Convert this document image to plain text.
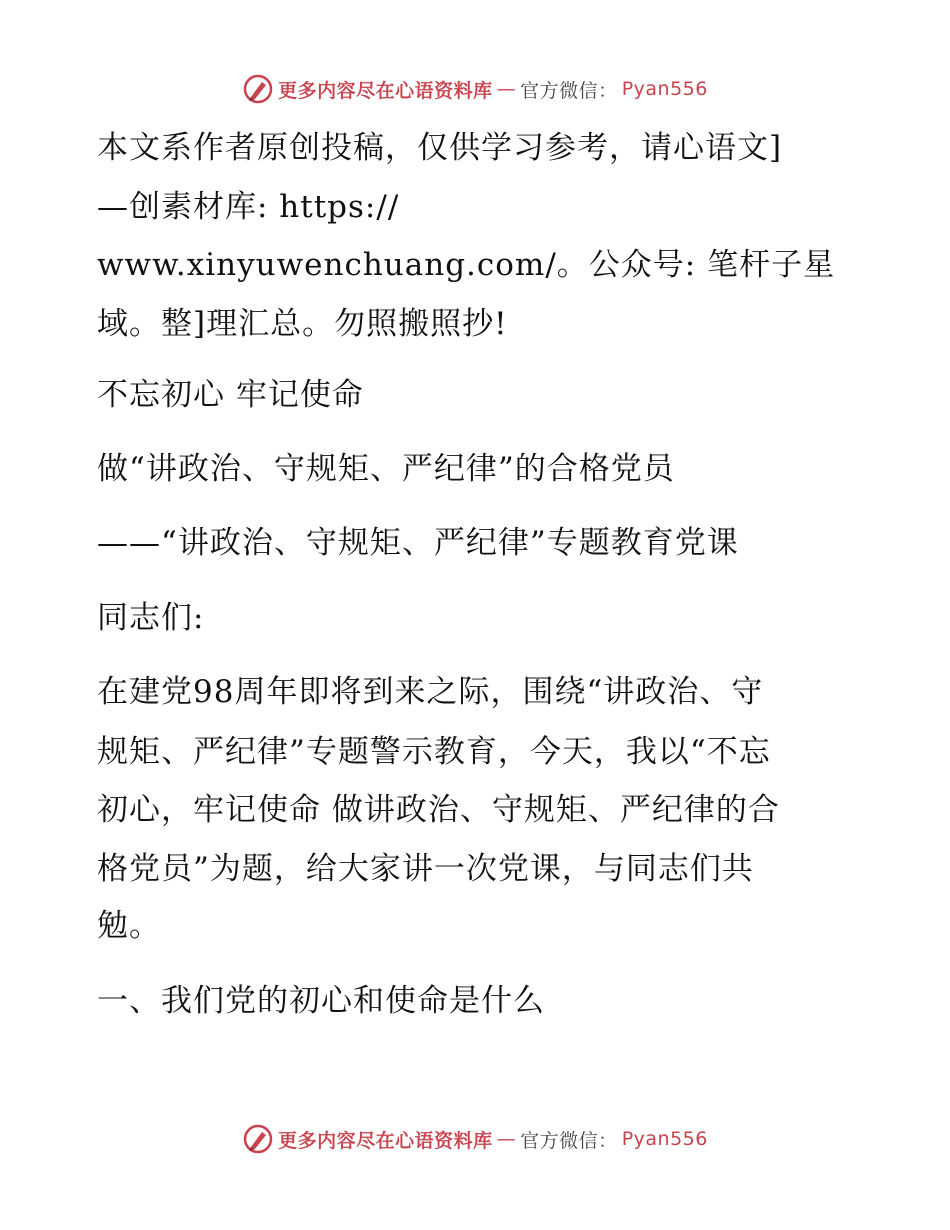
更多内容尽在心语资料库 — 官方微信： Pyan556
本文系作者原创投稿，仅供学习参考，请心语文]
—创素材库: https://
www.xinyuwenchuang.com/。公众号: 笔杆子星
域。整]理汇总。勿照搬照抄!
不忘初心 牢记使命
做“讲政治、守规矩、严纪律”的合格党员
——“讲政治、守规矩、严纪律”专题教育党课
同志们:
在建党98周年即将到来之际，围绕“讲政治、守
规矩、严纪律”专题警示教育，今天，我以“不忘
初心，牢记使命 做讲政治、守规矩、严纪律的合
格党员”为题，给大家讲一次党课，与同志们共
勉。
一、我们党的初心和使命是什么
更多内容尽在心语资料库 — 官方微信： Pyan556
